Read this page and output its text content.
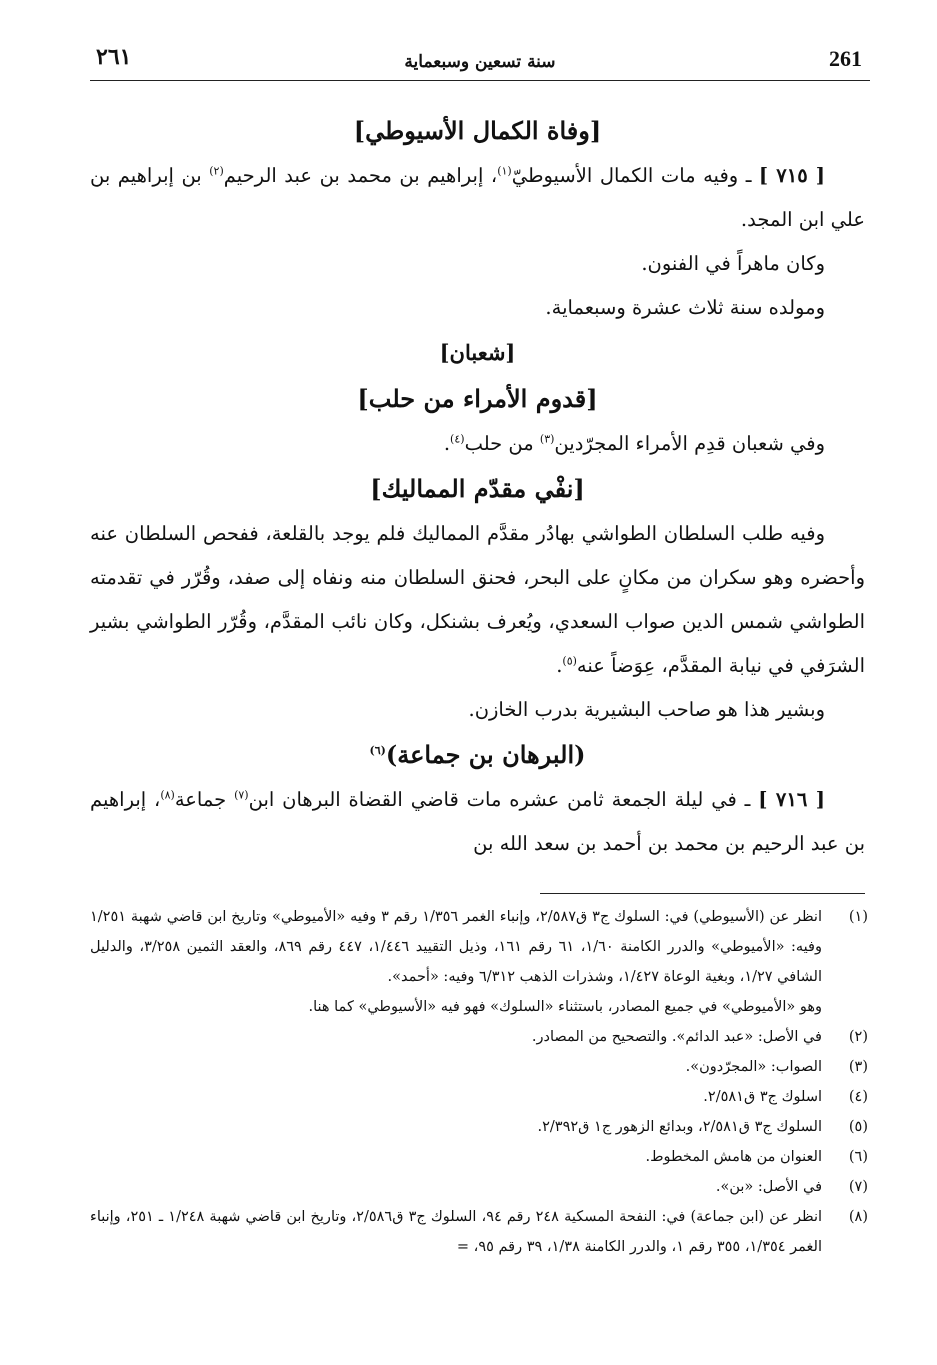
٢٦١	سنة تسعين وسبعماية	261

[وفاة الكمال الأسيوطي]

[ ٧١٥ ] ـ وفيه مات الكمال الأسيوطيّ$^{(١)}$، إبراهيم بن محمد بن عبد الرحيم$^{(٢)}$ بن إبراهيم بن علي ابن المجد.

وكان ماهراً في الفنون.

ومولده سنة ثلاث عشرة وسبعماية.

[شعبان]

[قدوم الأمراء من حلب]

وفي شعبان قدِم الأمراء المجرّدين$^{(٣)}$ من حلب$^{(٤)}$.

[نفْي مقدّم المماليك]

وفيه طلب السلطان الطواشي بهادُر مقدَّم المماليك فلم يوجد بالقلعة، ففحص السلطان عنه وأحضره وهو سكران من مكانٍ على البحر، فحنق السلطان منه ونفاه إلى صفد، وقُرّر في تقدمته الطواشي شمس الدين صواب السعدي، ويُعرف بشنكل، وكان نائب المقدَّم، وقُرّر الطواشي بشير الشرَفي في نيابة المقدَّم، عِوَضاً عنه$^{(٥)}$.

وبشير هذا هو صاحب البشيرية بدرب الخازن.

(البرهان بن جماعة)$^{(٦)}$

[ ٧١٦ ] ـ في ليلة الجمعة ثامن عشره مات قاضي القضاة البرهان ابن$^{(٧)}$ جماعة$^{(٨)}$، إبراهيم بن عبد الرحيم بن محمد بن أحمد بن سعد الله بن

(١)
انظر عن (الأسيوطي) في: السلوك ج٣ ق٢/٥٨٧، وإنباء الغمر ١/٣٥٦ رقم ٣ وفيه «الأميوطي» وتاريخ ابن قاضي شهبة ١/٢٥١ وفيه: «الأميوطي» والدرر الكامنة ١/٦٠، ٦١ رقم ١٦١، وذيل التقييد ١/٤٤٦، ٤٤٧ رقم ٨٦٩، والعقد الثمين ٣/٢٥٨، والدليل الشافي ١/٢٧، وبغية الوعاة ١/٤٢٧، وشذرات الذهب ٦/٣١٢ وفيه: «أحمد».
وهو «الأميوطي» في جميع المصادر، باستثناء «السلوك» فهو فيه «الأسيوطي» كما هنا.
(٢)
في الأصل: «عبد الدائم». والتصحيح من المصادر.
(٣)
الصواب: «المجرّدون».
(٤)
اسلوك ج٣ ق٢/٥٨١.
(٥)
السلوك ج٣ ق٢/٥٨١، وبدائع الزهور ج١ ق٢/٣٩٢.
(٦)
العنوان من هامش المخطوط.
(٧)
في الأصل: «بن».
(٨)
انظر عن (ابن جماعة) في: النفحة المسكية ٢٤٨ رقم ٩٤، السلوك ج٣ ق٢/٥٨٦، وتاريخ ابن قاضي شهبة ١/٢٤٨ ـ ٢٥١، وإنباء الغمر ١/٣٥٤، ٣٥٥ رقم ١، والدرر الكامنة ١/٣٨، ٣٩ رقم ٩٥، =
